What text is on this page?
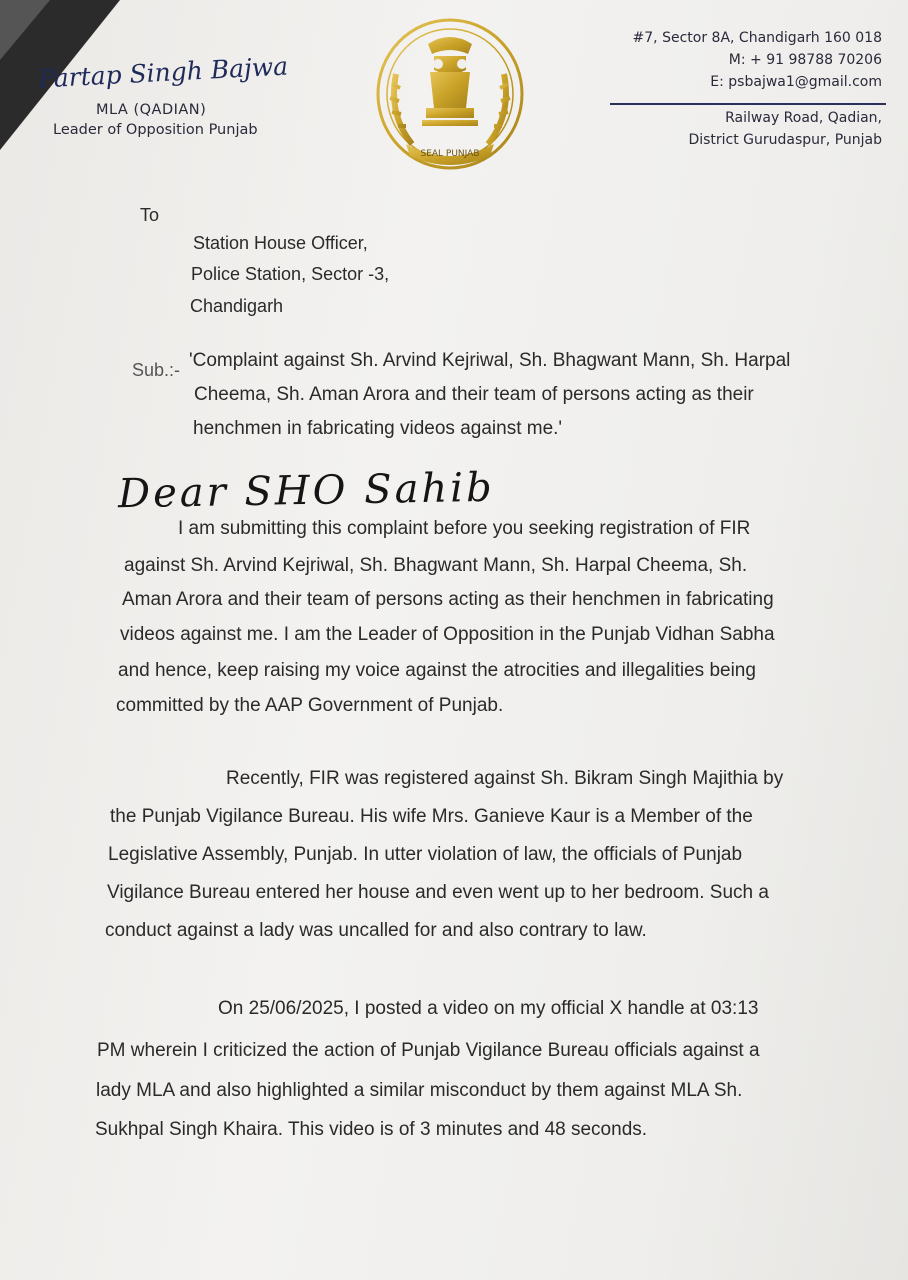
Partap Singh Bajwa
MLA (QADIAN)
Leader of Opposition Punjab
SEAL PUNJAB
#7, Sector 8A, Chandigarh 160 018
M: + 91 98788 70206
E: psbajwa1@gmail.com
Railway Road, Qadian,
District Gurudaspur, Punjab
To
Station House Officer,
Police Station, Sector -3,
Chandigarh
Sub.:- 'Complaint against Sh. Arvind Kejriwal, Sh. Bhagwant Mann, Sh. Harpal
Cheema, Sh. Aman Arora and their team of persons acting as their
henchmen in fabricating videos against me.'
Dear SHO Sahib
I am submitting this complaint before you seeking registration of FIR
against Sh. Arvind Kejriwal, Sh. Bhagwant Mann, Sh. Harpal Cheema, Sh.
Aman Arora and their team of persons acting as their henchmen in fabricating
videos against me. I am the Leader of Opposition in the Punjab Vidhan Sabha
and hence, keep raising my voice against the atrocities and illegalities being
committed by the AAP Government of Punjab.
Recently, FIR was registered against Sh. Bikram Singh Majithia by
the Punjab Vigilance Bureau. His wife Mrs. Ganieve Kaur is a Member of the
Legislative Assembly, Punjab. In utter violation of law, the officials of Punjab
Vigilance Bureau entered her house and even went up to her bedroom. Such a
conduct against a lady was uncalled for and also contrary to law.
On 25/06/2025, I posted a video on my official X handle at 03:13
PM wherein I criticized the action of Punjab Vigilance Bureau officials against a
lady MLA and also highlighted a similar misconduct by them against MLA Sh.
Sukhpal Singh Khaira. This video is of 3 minutes and 48 seconds.
